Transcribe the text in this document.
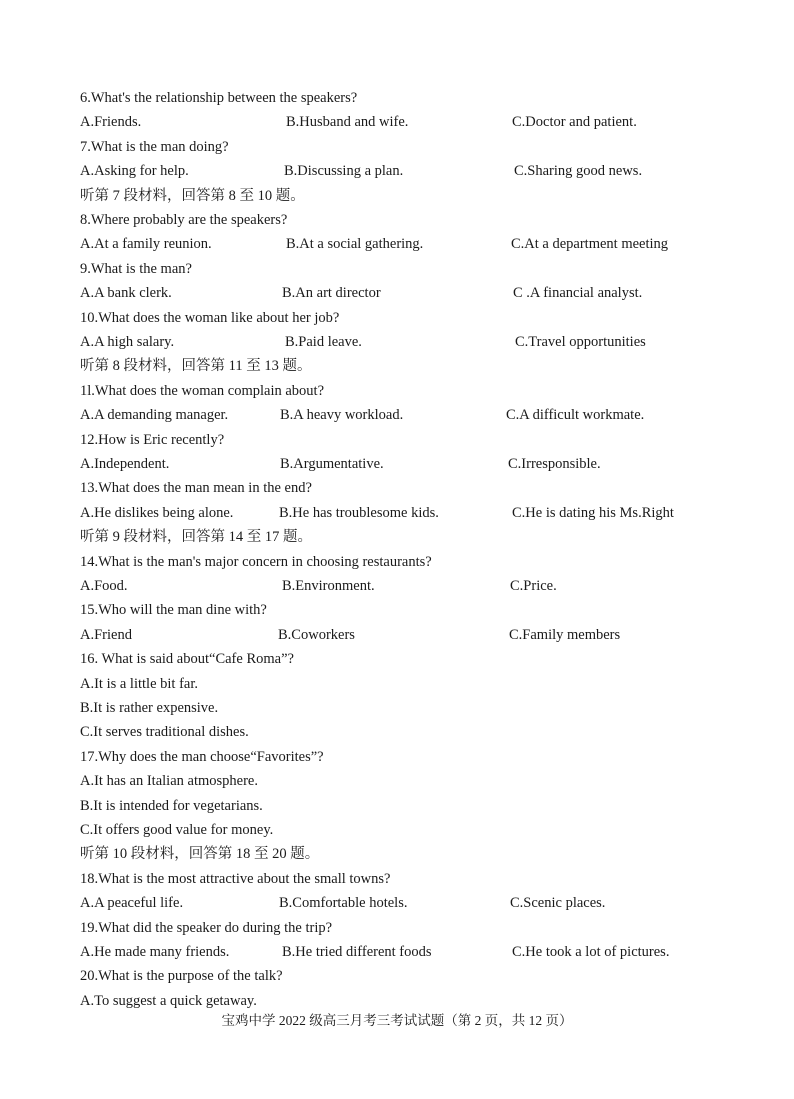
6.What's the relationship between the speakers?
A.Friends.	B.Husband and wife.	C.Doctor and patient.
7.What is the man doing?
A.Asking for help.	B.Discussing a plan.	C.Sharing good news.
听第 7 段材料，回答第 8 至 10 题。
8.Where probably are the speakers?
A.At a family reunion.	B.At a social gathering.	C.At a department meeting
9.What is the man?
A.A bank clerk.	B.An art director	C .A financial analyst.
10.What does the woman like about her job?
A.A high salary.	B.Paid leave.	C.Travel opportunities
听第 8 段材料，回答第 11 至 13 题。
1l.What does the woman complain about?
A.A demanding manager.	B.A heavy workload.	C.A difficult workmate.
12.How is Eric recently?
A.Independent.	B.Argumentative.	C.Irresponsible.
13.What does the man mean in the end?
A.He dislikes being alone.	B.He has troublesome kids.	C.He is dating his Ms.Right
听第 9 段材料，回答第 14 至 17 题。
14.What is the man's major concern in choosing restaurants?
A.Food.	B.Environment.	C.Price.
15.Who will the man dine with?
A.Friend	B.Coworkers	C.Family members
16. What is said about“Cafe Roma”?
A.It is a little bit far.
B.It is rather expensive.
C.It serves traditional dishes.
17.Why does the man choose“Favorites”?
A.It has an Italian atmosphere.
B.It is intended for vegetarians.
C.It offers good value for money.
听第 10 段材料，回答第 18 至 20 题。
18.What is the most attractive about the small towns?
A.A peaceful life.	B.Comfortable hotels.	C.Scenic places.
19.What did the speaker do during the trip?
A.He made many friends.	B.He tried different foods	C.He took a lot of pictures.
20.What is the purpose of the talk?
A.To suggest a quick getaway.
宝鸡中学 2022 级高三月考三考试试题（第 2 页，共 12 页）
